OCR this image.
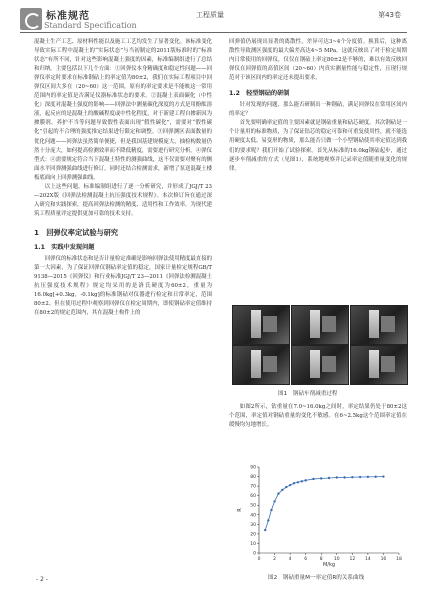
标准规范
Standard Specification
工程质量	第43卷

混凝土生产工艺、原材料性能以及施工工艺均发生了显著变化。该标准变化导致实际工程中混凝土的“实际状态”与当初制定的2011版标准时的“标准状态”有所不同，针对这些影响混凝土强度的因素，标准编制组进行了总结和归纳，主要包括以下几个方面：①回弹仪本身精确度和稳定性问题——回弹仪率定时要求在标准钢砧上的率定值为80±2，我们在实际工程项目中回弹仪区间大多在（20~60）这一范围，原有的率定要求是不能映这一常用范围内的率定值是否满足仪器标准状态的要求。②混凝土表面碳化（中性化）深度对混凝土强度的影响——回弹法中测量碳化深度的方式是用酚酞溶液，起反应的是混凝土的酸碱程度或中性化程度，对于新建工程自掺新因为掺膜剂、养护不当等问题导致假性表面出现“假性碳化”，需要对“假性碳化”引起的不合理的强度推定结果进行限定和调整。③回弹测区表面数量的优化问题——回弹法虽然简单便捷，但是我国基建规模庞大，抽检构数量仍然十分庞大，如何提高检测效率而不降低精度，需要进行研究分析。④弹仪型式：④需要规定符合当下混凝土特性的测强曲线，这不仅需要对聚有的侧面水平回弹测强曲线进行修订，同时还结合检测需求，新增了泵送混凝土楼板底面向上回弹测强曲线。

以上这些问题，标准编制组进行了逐一分析研究，并形成了JGJ/T 23—202X版《回弹法检测混凝土抗压强度技术规程》。本次修订旨在通过深入研究和实践探索，提高回弹法检测的精度、适用性和工作效率，为现代建筑工程质量评定提供更加可靠的技术支持。

1　回弹仪率定试验与研究
1.1　实践中发现问题

回弹仪的标准状态和是否计量检定准确是影响回弹法使用精度最直接的第一大因素，为了保证回弹仪钢砧率定值的稳定，国家计量检定规程GB/T 9138—2015《回弹仪》和行业标准JGJ/T 23—2011《回弹法检测混凝土抗压强度技术规程》规定均采用的是洛氏硬度为60±2，重量为16.0kg[+0.3kg，-0.1kg]的标准钢砧对仪器进行检定和日常率定，范围80±2。但在使用过程中观察到回弹仪在检定周期内，即使钢砧率定值维持在80±2的规定范围内，其在混凝土构件上的

回弹值仍展现出显著的离散性，差异可达3~4个分度值。换算后，这种离散性导致测区强度的最大偏差高达4~5 MPa。这就反映出了对于检定周期内日常使用的回弹仪，仅仅在钢砧上率定80±2是不够的，难以有效反映回弹仪在回弹值的高值区间（20~60）内真实测量性能与稳定性，且现行规范对于该区间内的率定还未提出要求。

1.2　轻型钢砧的研制

针对发现的问题，那么能否研制出一种钢砧，满足回弹仪在常用区间内的率定？

首先要明确率定值的主要因素就是钢砧重量和砧芯硬度。其次钢砧是一个计量用的标准物质，为了保证钻芯的稳定可靠和可重复使用性，就不能选用硬度太低、易变形的物质，那么能否只做一个小型钢砧使其率定值达到我们的要求呢？我们开始了试验探索。首先从标准的16.0kg钢砧起步，通过逐步车削减重的方式（见图1），系统地观察并记录率定值随重量变化的规律。

图1　钢砧车削减重过程

如图2所示，钻重量在7.0~16.0kg之间时，率定结果仍处于80±2这个范围，率定值对钢砧重量的变化不敏感。在6~2.5kg这个范围率定值在缓慢均匀地增长。

0	2	4	6	8	10 12 14 16 18
0
10
20
30
40
50
60
70
80
90
M/kg
R
图2　钢砧重量M一率定值R的关系曲线
- 2 -
